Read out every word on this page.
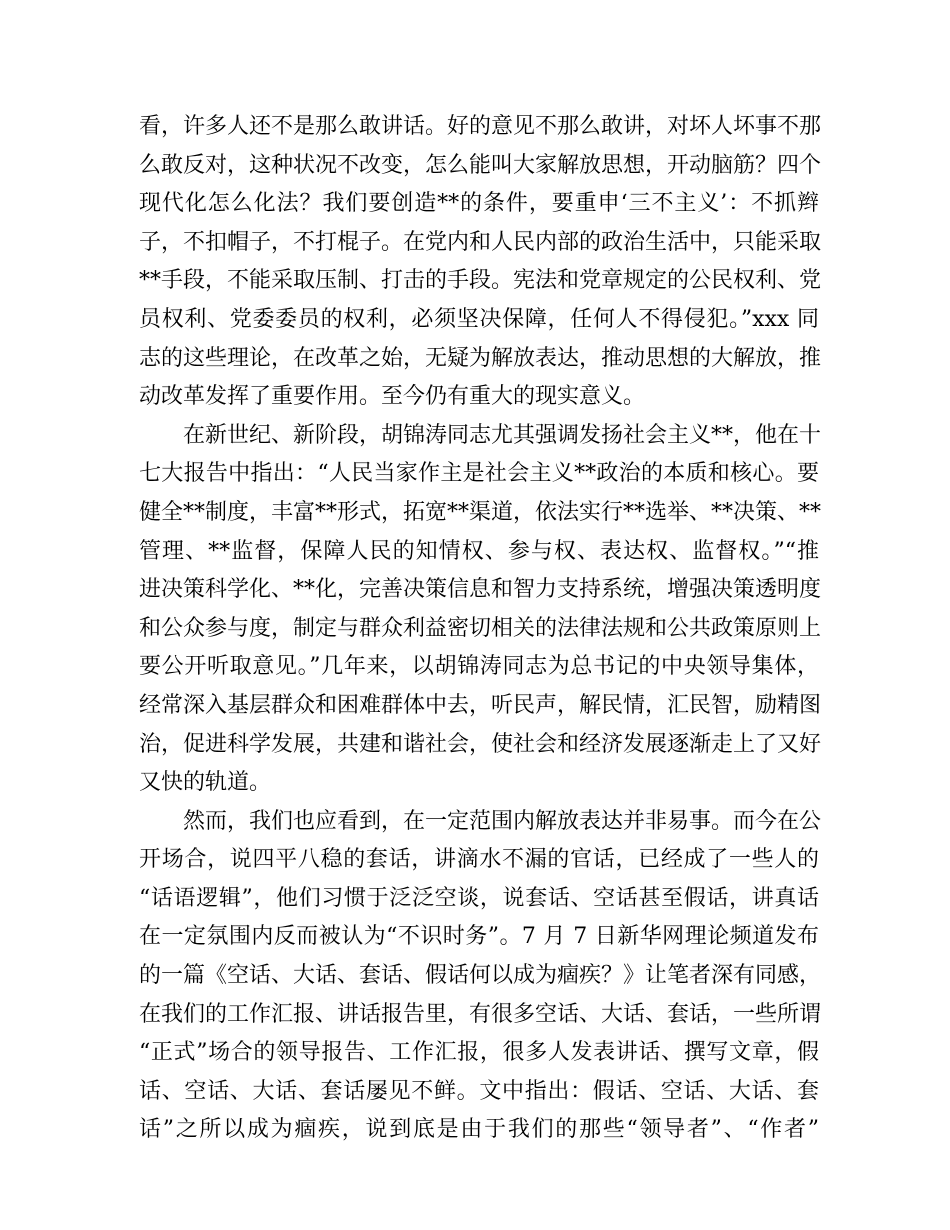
看，许多人还不是那么敢讲话。好的意见不那么敢讲，对坏人坏事不那
么敢反对，这种状况不改变，怎么能叫大家解放思想，开动脑筋？四个
现代化怎么化法？我们要创造**的条件，要重申‘三不主义’：不抓辫
子，不扣帽子，不打棍子。在党内和人民内部的政治生活中，只能采取
**手段，不能采取压制、打击的手段。宪法和党章规定的公民权利、党
员权利、党委委员的权利，必须坚决保障，任何人不得侵犯。”xxx 同
志的这些理论，在改革之始，无疑为解放表达，推动思想的大解放，推
动改革发挥了重要作用。至今仍有重大的现实意义。
在新世纪、新阶段，胡锦涛同志尤其强调发扬社会主义**，他在十
七大报告中指出：“人民当家作主是社会主义**政治的本质和核心。要
健全**制度，丰富**形式，拓宽**渠道，依法实行**选举、**决策、**
管理、**监督，保障人民的知情权、参与权、表达权、监督权。”“推
进决策科学化、**化，完善决策信息和智力支持系统，增强决策透明度
和公众参与度，制定与群众利益密切相关的法律法规和公共政策原则上
要公开听取意见。”几年来，以胡锦涛同志为总书记的中央领导集体，
经常深入基层群众和困难群体中去，听民声，解民情，汇民智，励精图
治，促进科学发展，共建和谐社会，使社会和经济发展逐渐走上了又好
又快的轨道。
然而，我们也应看到，在一定范围内解放表达并非易事。而今在公
开场合，说四平八稳的套话，讲滴水不漏的官话，已经成了一些人的
“话语逻辑”，他们习惯于泛泛空谈，说套话、空话甚至假话，讲真话
在一定氛围内反而被认为“不识时务”。7 月 7 日新华网理论频道发布
的一篇《空话、大话、套话、假话何以成为痼疾？》让笔者深有同感，
在我们的工作汇报、讲话报告里，有很多空话、大话、套话，一些所谓
“正式”场合的领导报告、工作汇报，很多人发表讲话、撰写文章，假
话、空话、大话、套话屡见不鲜。文中指出：假话、空话、大话、套
话”之所以成为痼疾，说到底是由于我们的那些“领导者”、“作者”
